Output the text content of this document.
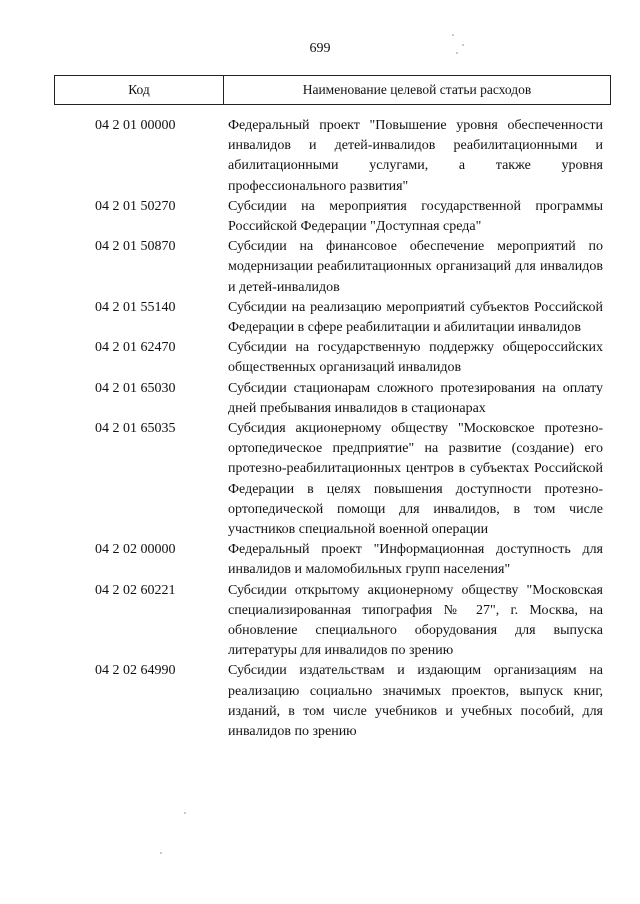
699
Код	Наименование целевой статьи расходов
04 2 01 00000	Федеральный проект "Повышение уровня обеспеченности инвалидов и детей-инвалидов реабилитационными и абилитационными услугами, а также уровня профессионального развития"
04 2 01 50270	Субсидии на мероприятия государственной программы Российской Федерации "Доступная среда"
04 2 01 50870	Субсидии на финансовое обеспечение мероприятий по модернизации реабилитационных организаций для инвалидов и детей-инвалидов
04 2 01 55140	Субсидии на реализацию мероприятий субъектов Российской Федерации в сфере реабилитации и абилитации инвалидов
04 2 01 62470	Субсидии на государственную поддержку общероссийских общественных организаций инвалидов
04 2 01 65030	Субсидии стационарам сложного протезирования на оплату дней пребывания инвалидов в стационарах
04 2 01 65035	Субсидия акционерному обществу "Московское протезно-ортопедическое предприятие" на развитие (создание) его протезно-реабилитационных центров в субъектах Российской Федерации в целях повышения доступности протезно-ортопедической помощи для инвалидов, в том числе участников специальной военной операции
04 2 02 00000	Федеральный проект "Информационная доступность для инвалидов и маломобильных групп населения"
04 2 02 60221	Субсидии открытому акционерному обществу "Московская специализированная типография № 27", г. Москва, на обновление специального оборудования для выпуска литературы для инвалидов по зрению
04 2 02 64990	Субсидии издательствам и издающим организациям на реализацию социально значимых проектов, выпуск книг, изданий, в том числе учебников и учебных пособий, для инвалидов по зрению
